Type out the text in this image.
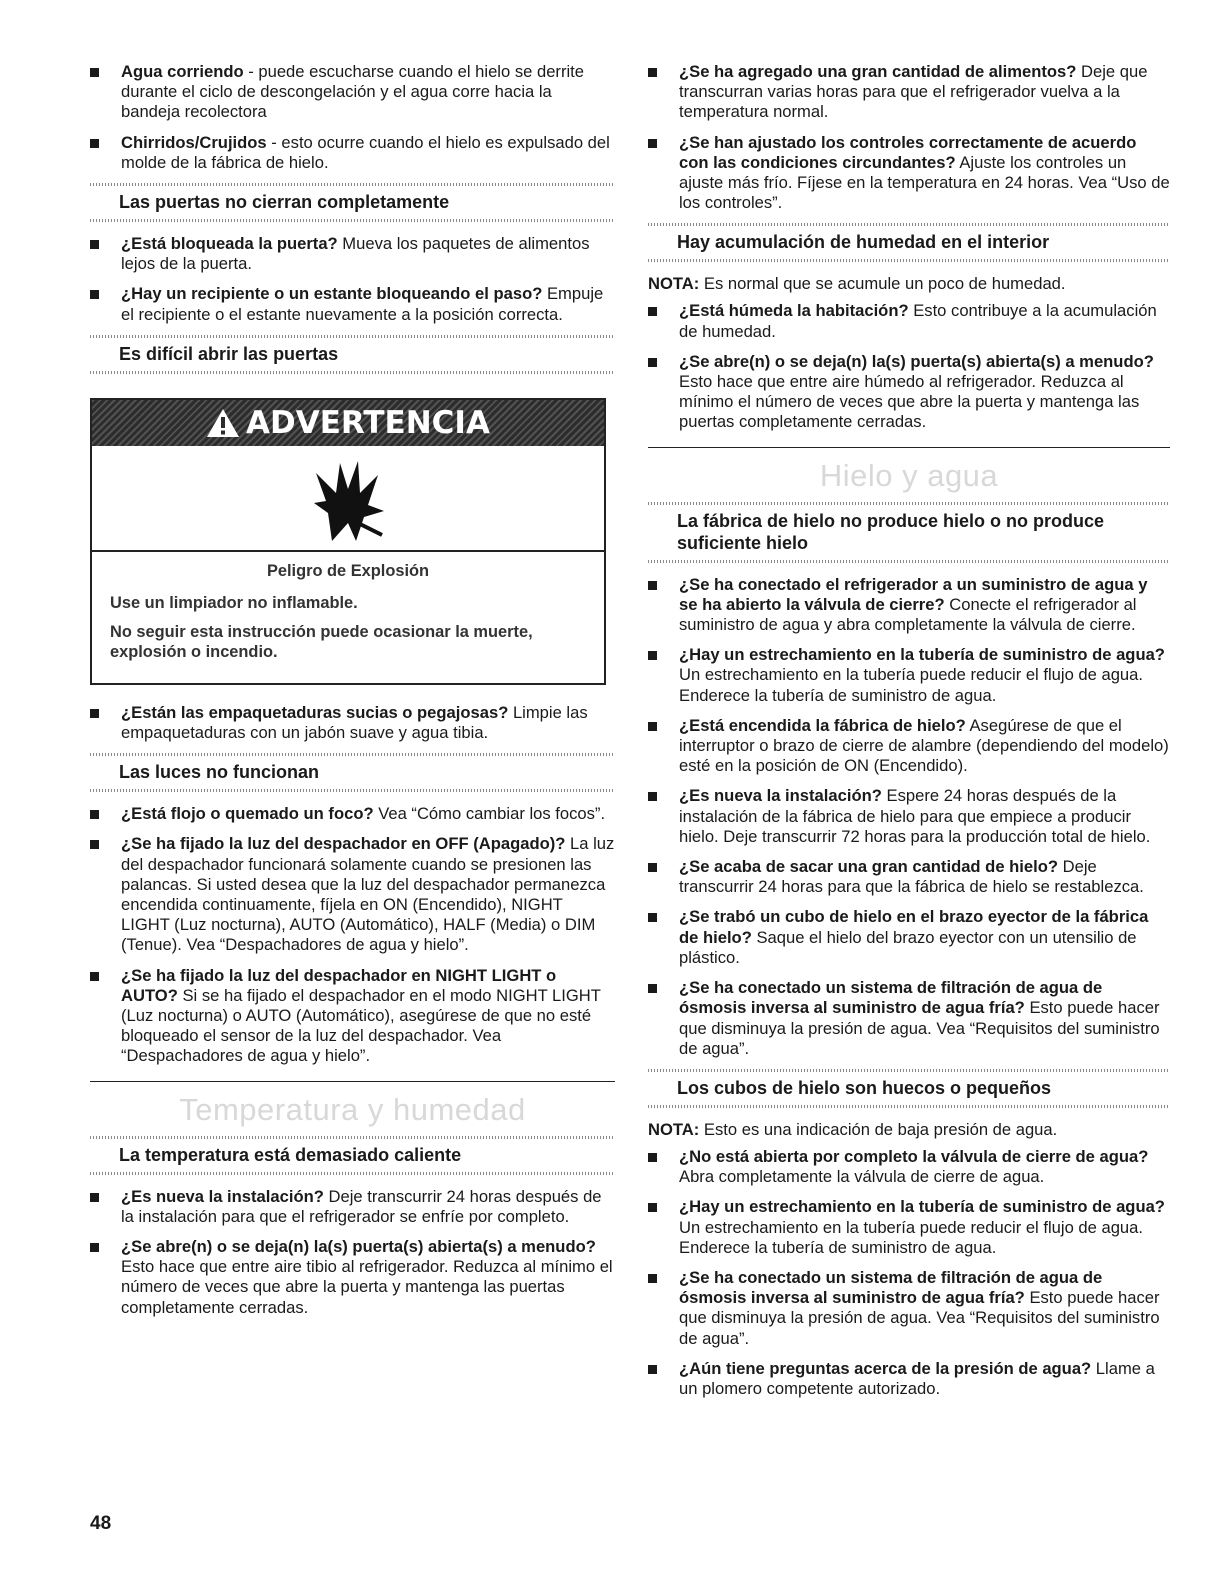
Agua corriendo - puede escucharse cuando el hielo se derrite durante el ciclo de descongelación y el agua corre hacia la bandeja recolectora
Chirridos/Crujidos - esto ocurre cuando el hielo es expulsado del molde de la fábrica de hielo.
Las puertas no cierran completamente
¿Está bloqueada la puerta? Mueva los paquetes de alimentos lejos de la puerta.
¿Hay un recipiente o un estante bloqueando el paso? Empuje el recipiente o el estante nuevamente a la posición correcta.
Es difícil abrir las puertas
ADVERTENCIA
Peligro de Explosión
Use un limpiador no inflamable.
No seguir esta instrucción puede ocasionar la muerte, explosión o incendio.
¿Están las empaquetaduras sucias o pegajosas? Limpie las empaquetaduras con un jabón suave y agua tibia.
Las luces no funcionan
¿Está flojo o quemado un foco? Vea “Cómo cambiar los focos”.
¿Se ha fijado la luz del despachador en OFF (Apagado)? La luz del despachador funcionará solamente cuando se presionen las palancas. Si usted desea que la luz del despachador permanezca encendida continuamente, fíjela en ON (Encendido), NIGHT LIGHT (Luz nocturna), AUTO (Automático), HALF (Media) o DIM (Tenue). Vea “Despachadores de agua y hielo”.
¿Se ha fijado la luz del despachador en NIGHT LIGHT o AUTO? Si se ha fijado el despachador en el modo NIGHT LIGHT (Luz nocturna) o AUTO (Automático), asegúrese de que no esté bloqueado el sensor de la luz del despachador. Vea “Despachadores de agua y hielo”.
Temperatura y humedad
La temperatura está demasiado caliente
¿Es nueva la instalación? Deje transcurrir 24 horas después de la instalación para que el refrigerador se enfríe por completo.
¿Se abre(n) o se deja(n) la(s) puerta(s) abierta(s) a menudo? Esto hace que entre aire tibio al refrigerador. Reduzca al mínimo el número de veces que abre la puerta y mantenga las puertas completamente cerradas.
¿Se ha agregado una gran cantidad de alimentos? Deje que transcurran varias horas para que el refrigerador vuelva a la temperatura normal.
¿Se han ajustado los controles correctamente de acuerdo con las condiciones circundantes? Ajuste los controles un ajuste más frío. Fíjese en la temperatura en 24 horas. Vea “Uso de los controles”.
Hay acumulación de humedad en el interior
NOTA: Es normal que se acumule un poco de humedad.
¿Está húmeda la habitación? Esto contribuye a la acumulación de humedad.
¿Se abre(n) o se deja(n) la(s) puerta(s) abierta(s) a menudo? Esto hace que entre aire húmedo al refrigerador. Reduzca al mínimo el número de veces que abre la puerta y mantenga las puertas completamente cerradas.
Hielo y agua
La fábrica de hielo no produce hielo o no produce suficiente hielo
¿Se ha conectado el refrigerador a un suministro de agua y se ha abierto la válvula de cierre? Conecte el refrigerador al suministro de agua y abra completamente la válvula de cierre.
¿Hay un estrechamiento en la tubería de suministro de agua? Un estrechamiento en la tubería puede reducir el flujo de agua. Enderece la tubería de suministro de agua.
¿Está encendida la fábrica de hielo? Asegúrese de que el interruptor o brazo de cierre de alambre (dependiendo del modelo) esté en la posición de ON (Encendido).
¿Es nueva la instalación? Espere 24 horas después de la instalación de la fábrica de hielo para que empiece a producir hielo. Deje transcurrir 72 horas para la producción total de hielo.
¿Se acaba de sacar una gran cantidad de hielo? Deje transcurrir 24 horas para que la fábrica de hielo se restablezca.
¿Se trabó un cubo de hielo en el brazo eyector de la fábrica de hielo? Saque el hielo del brazo eyector con un utensilio de plástico.
¿Se ha conectado un sistema de filtración de agua de ósmosis inversa al suministro de agua fría? Esto puede hacer que disminuya la presión de agua. Vea “Requisitos del suministro de agua”.
Los cubos de hielo son huecos o pequeños
NOTA: Esto es una indicación de baja presión de agua.
¿No está abierta por completo la válvula de cierre de agua? Abra completamente la válvula de cierre de agua.
¿Hay un estrechamiento en la tubería de suministro de agua? Un estrechamiento en la tubería puede reducir el flujo de agua. Enderece la tubería de suministro de agua.
¿Se ha conectado un sistema de filtración de agua de ósmosis inversa al suministro de agua fría? Esto puede hacer que disminuya la presión de agua. Vea “Requisitos del suministro de agua”.
¿Aún tiene preguntas acerca de la presión de agua? Llame a un plomero competente autorizado.
48
